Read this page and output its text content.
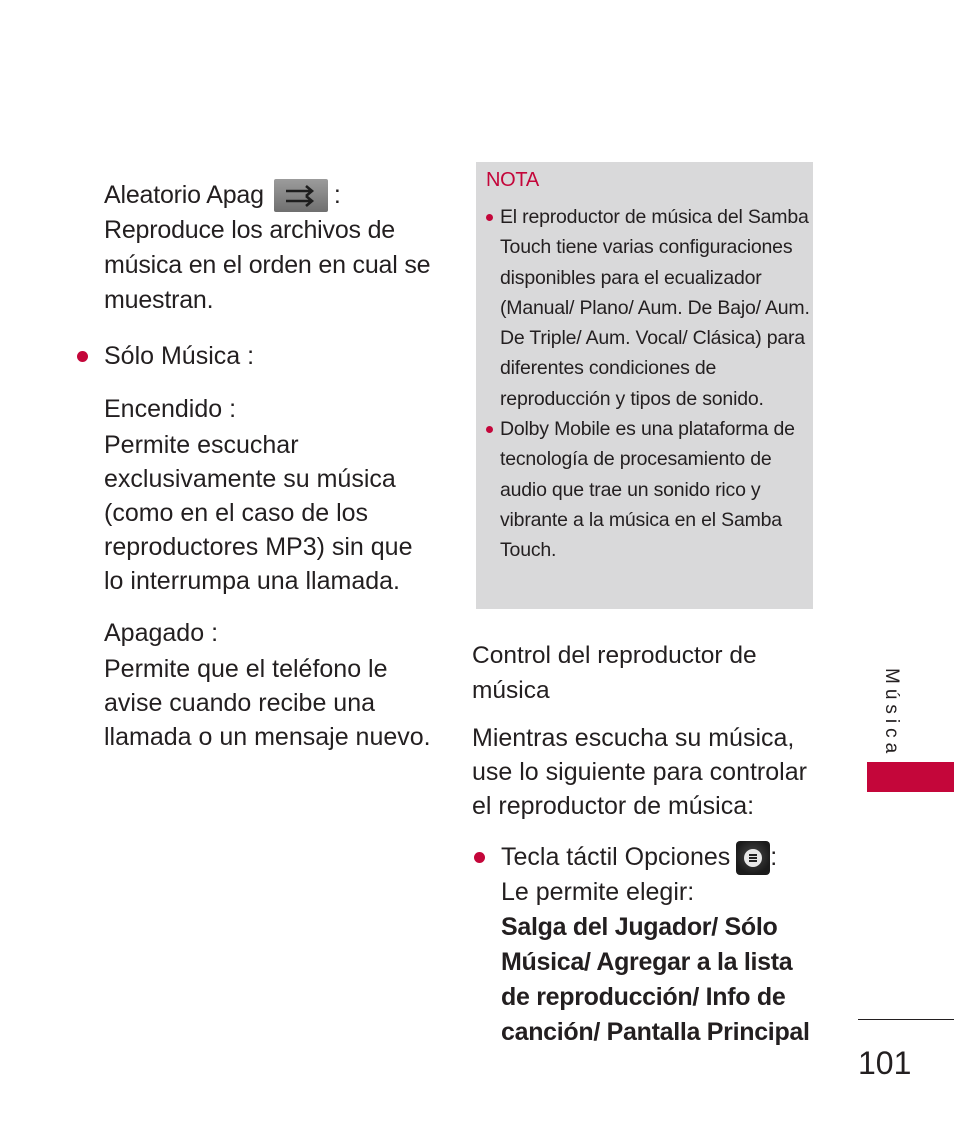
Aleatorio Apag	:

Reproduce los archivos de música en el orden en cual se muestran.

Sólo Música :

Encendido :

Permite escuchar exclusivamente su música (como en el caso de los reproductores MP3) sin que lo interrumpa una llamada.

Apagado :

Permite que el teléfono le avise cuando recibe una llamada o un mensaje nuevo.

NOTA
El reproductor de música del Samba Touch tiene varias configuraciones disponibles para el ecualizador (Manual/ Plano/ Aum. De Bajo/ Aum. De Triple/ Aum. Vocal/ Clásica) para diferentes condiciones de reproducción y tipos de sonido.
Dolby Mobile es una plataforma de tecnología de procesamiento de audio que trae un sonido rico y vibrante a la música en el Samba Touch.
Control del reproductor de música
Mientras escucha su música, use lo siguiente para controlar el reproductor de música:
Tecla táctil Opciones :
Le permite elegir:
Salga del Jugador/ Sólo Música/ Agregar a la lista de reproducción/ Info de canción/ Pantalla Principal
Música
101
